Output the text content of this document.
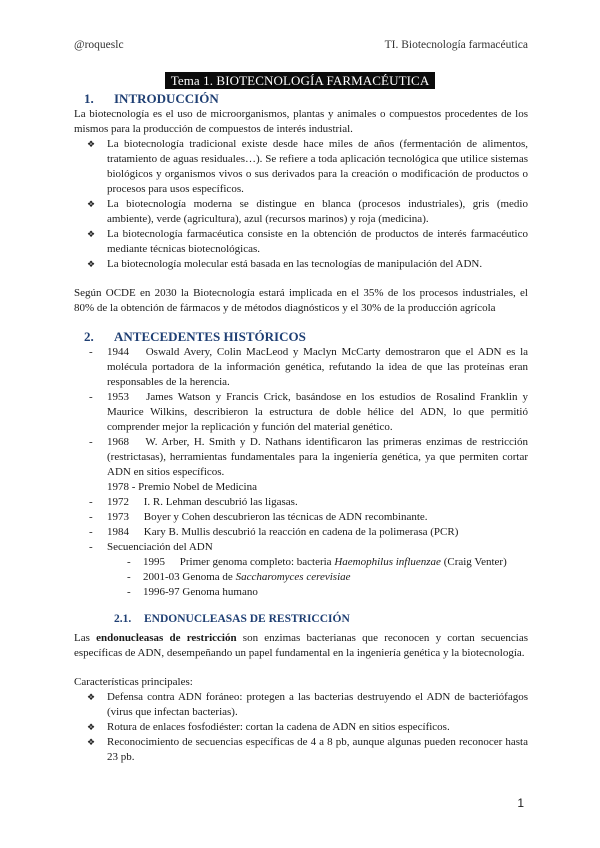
@roqueslc	TI. Biotecnología farmacéutica
Tema 1. BIOTECNOLOGÍA FARMACÉUTICA
1. INTRODUCCIÓN

La biotecnología es el uso de microorganismos, plantas y animales o compuestos procedentes de los mismos para la producción de compuestos de interés industrial.

❖ La biotecnología tradicional existe desde hace miles de años (fermentación de alimentos, tratamiento de aguas residuales…). Se refiere a toda aplicación tecnológica que utilice sistemas biológicos y organismos vivos o sus derivados para la creación o modificación de productos o procesos para usos específicos.
❖ La biotecnología moderna se distingue en blanca (procesos industriales), gris (medio ambiente), verde (agricultura), azul (recursos marinos) y roja (medicina).
❖ La biotecnología farmacéutica consiste en la obtención de productos de interés farmacéutico mediante técnicas biotecnológicas.
❖ La biotecnología molecular está basada en las tecnologías de manipulación del ADN.

Según OCDE en 2030 la Biotecnología estará implicada en el 35% de los procesos industriales, el 80% de la obtención de fármacos y de métodos diagnósticos y el 30% de la producción agrícola

2. ANTECEDENTES HISTÓRICOS
- 1944 Oswald Avery, Colin MacLeod y Maclyn McCarty demostraron que el ADN es la molécula portadora de la información genética, refutando la idea de que las proteínas eran responsables de la herencia.
- 1953 James Watson y Francis Crick, basándose en los estudios de Rosalind Franklin y Maurice Wilkins, describieron la estructura de doble hélice del ADN, lo que permitió comprender mejor la replicación y función del material genético.
- 1968 W. Arber, H. Smith y D. Nathans identificaron las primeras enzimas de restricción (restrictasas), herramientas fundamentales para la ingeniería genética, ya que permiten cortar ADN en sitios específicos.
1978 - Premio Nobel de Medicina
- 1972 I. R. Lehman descubrió las ligasas.
- 1973 Boyer y Cohen descubrieron las técnicas de ADN recombinante.
- 1984 Kary B. Mullis descubrió la reacción en cadena de la polimerasa (PCR)
- Secuenciación del ADN
- 1995 Primer genoma completo: bacteria Haemophilus influenzae (Craig Venter)
- 2001-03 Genoma de Saccharomyces cerevisiae
- 1996-97 Genoma humano
2.1. ENDONUCLEASAS DE RESTRICCIÓN

Las endonucleasas de restricción son enzimas bacterianas que reconocen y cortan secuencias específicas de ADN, desempeñando un papel fundamental en la ingeniería genética y la biotecnología.

Características principales:

❖ Defensa contra ADN foráneo: protegen a las bacterias destruyendo el ADN de bacteriófagos (virus que infectan bacterias).
❖ Rotura de enlaces fosfodiéster: cortan la cadena de ADN en sitios específicos.
❖ Reconocimiento de secuencias específicas de 4 a 8 pb, aunque algunas pueden reconocer hasta 23 pb.
1
